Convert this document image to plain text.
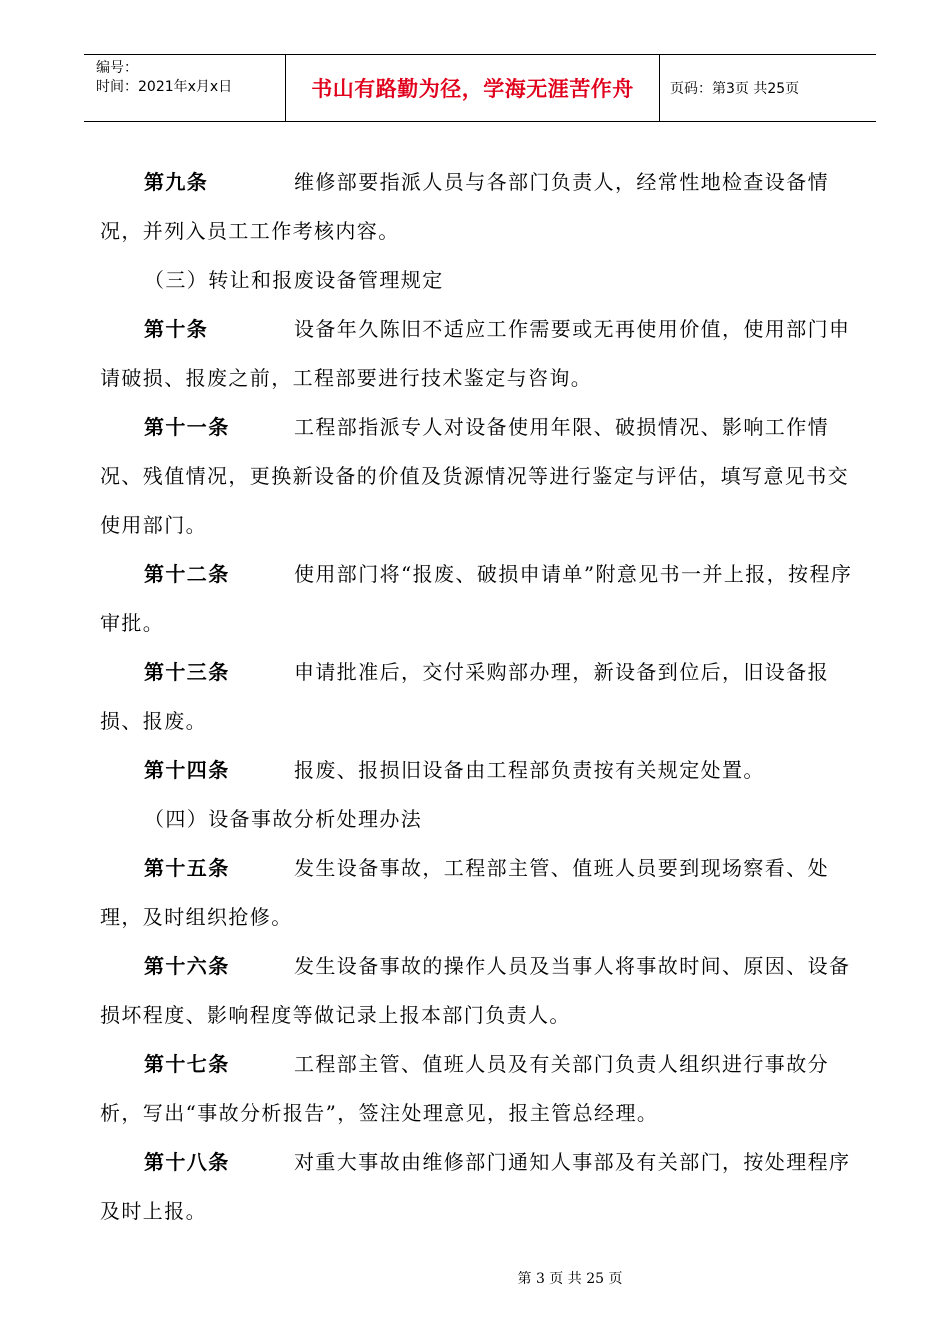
编号：
时间：2021年x月x日	书山有路勤为径，学海无涯苦作舟	页码：第3页 共25页

第九条	维修部要指派人员与各部门负责人，经常性地检查设备情况，并列入员工工作考核内容。

（三）转让和报废设备管理规定

第十条	设备年久陈旧不适应工作需要或无再使用价值，使用部门申请破损、报废之前，工程部要进行技术鉴定与咨询。

第十一条	工程部指派专人对设备使用年限、破损情况、影响工作情况、残值情况，更换新设备的价值及货源情况等进行鉴定与评估，填写意见书交使用部门。

第十二条	使用部门将“报废、破损申请单”附意见书一并上报，按程序审批。

第十三条	申请批准后，交付采购部办理，新设备到位后，旧设备报损、报废。

第十四条	报废、报损旧设备由工程部负责按有关规定处置。

（四）设备事故分析处理办法

第十五条	发生设备事故，工程部主管、值班人员要到现场察看、处理，及时组织抢修。

第十六条	发生设备事故的操作人员及当事人将事故时间、原因、设备损坏程度、影响程度等做记录上报本部门负责人。

第十七条	工程部主管、值班人员及有关部门负责人组织进行事故分析，写出“事故分析报告”，签注处理意见，报主管总经理。

第十八条	对重大事故由维修部门通知人事部及有关部门，按处理程序及时上报。

第 3 页 共 25 页
